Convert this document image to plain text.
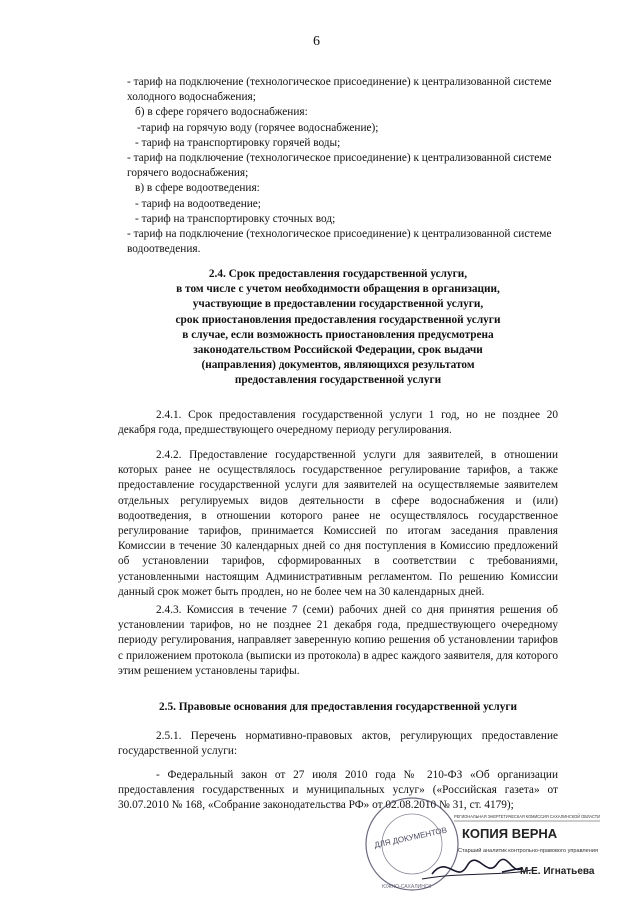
6

- тариф на подключение (технологическое присоединение) к централизованной системе холодного водоснабжения;

б) в сфере горячего водоснабжения:

-тариф на горячую воду (горячее водоснабжение);

- тариф на транспортировку горячей воды;

- тариф на подключение (технологическое присоединение) к централизованной системе горячего водоснабжения;

в) в сфере водоотведения:

- тариф на водоотведение;

- тариф на транспортировку сточных вод;

- тариф на подключение (технологическое присоединение) к централизованной системе водоотведения.

2.4. Срок предоставления государственной услуги,
в том числе с учетом необходимости обращения в организации,
участвующие в предоставлении государственной услуги,
срок приостановления предоставления государственной услуги
в случае, если возможность приостановления предусмотрена
законодательством Российской Федерации, срок выдачи
(направления) документов, являющихся результатом
предоставления государственной услуги

2.4.1. Срок предоставления государственной услуги 1 год, но не позднее 20 декабря года, предшествующего очередному периоду регулирования.

2.4.2. Предоставление государственной услуги для заявителей, в отношении которых ранее не осуществлялось государственное регулирование тарифов, а также предоставление государственной услуги для заявителей на осуществляемые заявителем отдельных регулируемых видов деятельности в сфере водоснабжения и (или) водоотведения, в отношении которого ранее не осуществлялось государственное регулирование тарифов, принимается Комиссией по итогам заседания правления Комиссии в течение 30 календарных дней со дня поступления в Комиссию предложений об установлении тарифов, сформированных в соответствии с требованиями, установленными настоящим Административным регламентом. По решению Комиссии данный срок может быть продлен, но не более чем на 30 календарных дней.

2.4.3. Комиссия в течение 7 (семи) рабочих дней со дня принятия решения об установлении тарифов, но не позднее 21 декабря года, предшествующего очередному периоду регулирования, направляет заверенную копию решения об установлении тарифов с приложением протокола (выписки из протокола) в адрес каждого заявителя, для которого этим решением установлены тарифы.

2.5. Правовые основания для предоставления государственной услуги

2.5.1. Перечень нормативно-правовых актов, регулирующих предоставление государственной услуги:

- Федеральный закон от 27 июля 2010 года № 210-ФЗ «Об организации предоставления государственных и муниципальных услуг» («Российская газета» от 30.07.2010 № 168, «Собрание законодательства РФ» от 02.08.2010 № 31, ст. 4179);

ДЛЯ ДОКУМЕНТОВ
ЮЖНО-САХАЛИНСК
РЕГИОНАЛЬНАЯ ЭНЕРГЕТИЧЕСКАЯ КОМИССИЯ САХАЛИНСКОЙ ОБЛАСТИ
КОПИЯ ВЕРНА
Старший аналитик контрольно-правового управления
М.Е. Игнатьева
